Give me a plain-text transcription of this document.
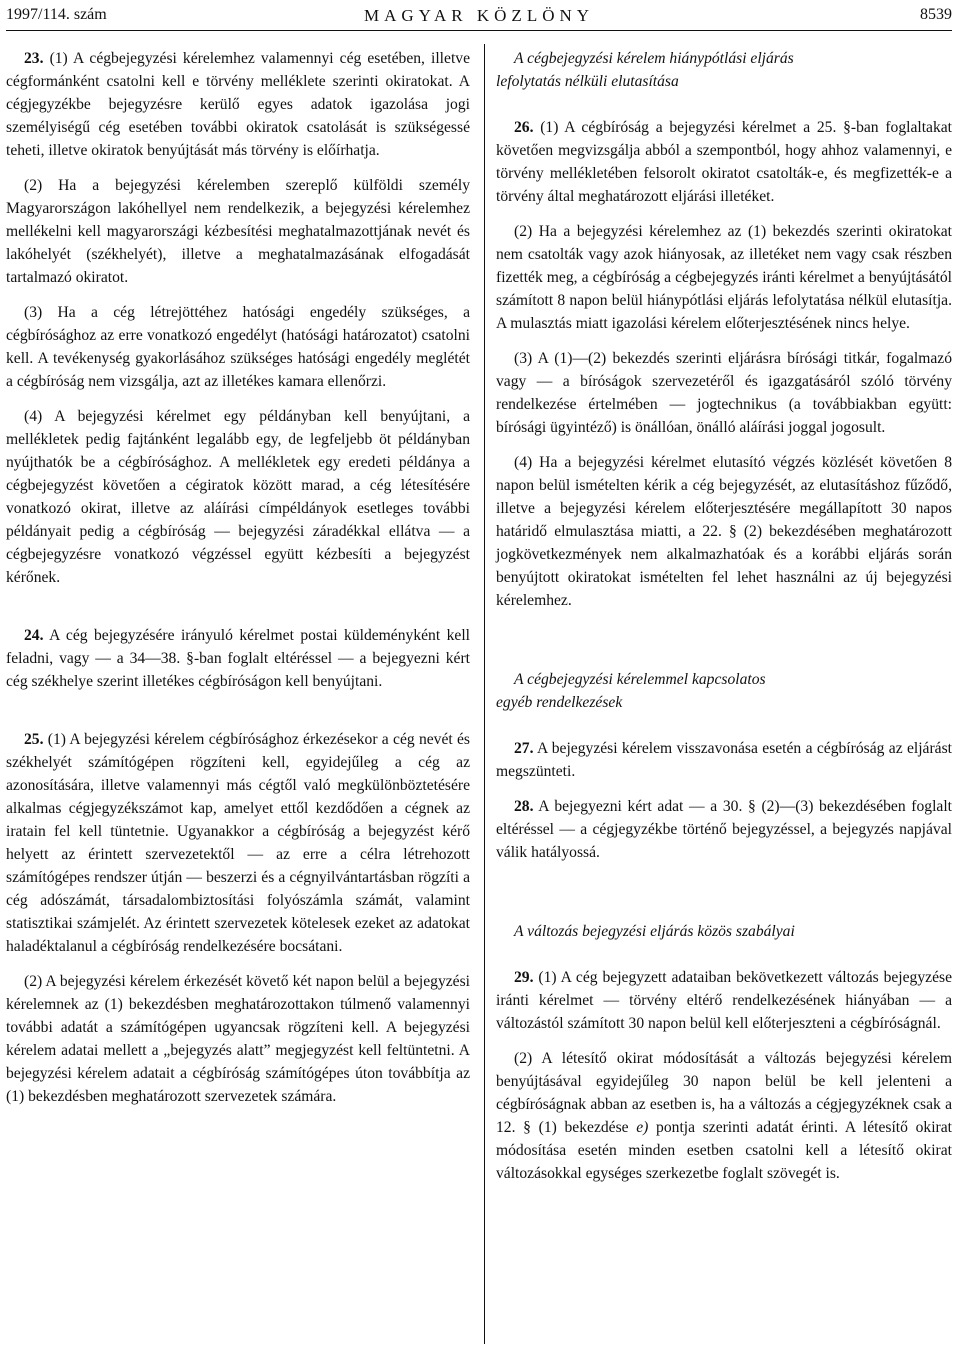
1997/114. szám	MAGYAR KÖZLÖNY	8539

23. (1) A cégbejegyzési kérelemhez valamennyi cég esetében, illetve cégformánként csatolni kell e törvény melléklete szerinti okiratokat. A cégjegyzékbe bejegyzésre kerülő egyes adatok igazolása jogi személyiségű cég esetében további okiratok csatolását is szükségessé teheti, illetve okiratok benyújtását más törvény is előírhatja.

(2) Ha a bejegyzési kérelemben szereplő külföldi személy Magyarországon lakóhellyel nem rendelkezik, a bejegyzési kérelemhez mellékelni kell magyarországi kézbesítési meghatalmazottjának nevét és lakóhelyét (székhelyét), illetve a meghatalmazásának elfogadását tartalmazó okiratot.

(3) Ha a cég létrejöttéhez hatósági engedély szükséges, a cégbírósághoz az erre vonatkozó engedélyt (hatósági határozatot) csatolni kell. A tevékenység gyakorlásához szükséges hatósági engedély meglétét a cégbíróság nem vizsgálja, azt az illetékes kamara ellenőrzi.

(4) A bejegyzési kérelmet egy példányban kell benyújtani, a mellékletek pedig fajtánként legalább egy, de legfeljebb öt példányban nyújthatók be a cégbírósághoz. A mellékletek egy eredeti példánya a cégbejegyzést követően a cégiratok között marad, a cég létesítésére vonatkozó okirat, illetve az aláírási címpéldányok esetleges további példányait pedig a cégbíróság — bejegyzési záradékkal ellátva — a cégbejegyzésre vonatkozó végzéssel együtt kézbesíti a bejegyzést kérőnek.

24. A cég bejegyzésére irányuló kérelmet postai küldeményként kell feladni, vagy — a 34—38. §-ban foglalt eltéréssel — a bejegyezni kért cég székhelye szerint illetékes cégbíróságon kell benyújtani.

25. (1) A bejegyzési kérelem cégbírósághoz érkezésekor a cég nevét és székhelyét számítógépen rögzíteni kell, egyidejűleg a cég az azonosítására, illetve valamennyi más cégtől való megkülönböztetésére alkalmas cégjegyzékszámot kap, amelyet ettől kezdődően a cégnek az iratain fel kell tüntetnie. Ugyanakkor a cégbíróság a bejegyzést kérő helyett az érintett szervezetektől — az erre a célra létrehozott számítógépes rendszer útján — beszerzi és a cégnyilvántartásban rögzíti a cég adószámát, társadalombiztosítási folyószámla számát, valamint statisztikai számjelét. Az érintett szervezetek kötelesek ezeket az adatokat haladéktalanul a cégbíróság rendelkezésére bocsátani.

(2) A bejegyzési kérelem érkezését követő két napon belül a bejegyzési kérelemnek az (1) bekezdésben meghatározottakon túlmenő valamennyi további adatát a számítógépen ugyancsak rögzíteni kell. A bejegyzési kérelem adatai mellett a „bejegyzés alatt” megjegyzést kell feltüntetni. A bejegyzési kérelem adatait a cégbíróság számítógépes úton továbbítja az (1) bekezdésben meghatározott szervezetek számára.

A cégbejegyzési kérelem hiánypótlási eljárás
lefolytatás nélküli elutasítása

26. (1) A cégbíróság a bejegyzési kérelmet a 25. §-ban foglaltakat követően megvizsgálja abból a szempontból, hogy ahhoz valamennyi, e törvény mellékletében felsorolt okiratot csatolták-e, és megfizették-e a törvény által meghatározott eljárási illetéket.

(2) Ha a bejegyzési kérelemhez az (1) bekezdés szerinti okiratokat nem csatolták vagy azok hiányosak, az illetéket nem vagy csak részben fizették meg, a cégbíróság a cégbejegyzés iránti kérelmet a benyújtásától számított 8 napon belül hiánypótlási eljárás lefolytatása nélkül elutasítja. A mulasztás miatt igazolási kérelem előterjesztésének nincs helye.

(3) A (1)—(2) bekezdés szerinti eljárásra bírósági titkár, fogalmazó vagy — a bíróságok szervezetéről és igazgatásáról szóló törvény rendelkezése értelmében — jogtechnikus (a továbbiakban együtt: bírósági ügyintéző) is önállóan, önálló aláírási joggal jogosult.

(4) Ha a bejegyzési kérelmet elutasító végzés közlését követően 8 napon belül ismételten kérik a cég bejegyzését, az elutasításhoz fűződő, illetve a bejegyzési kérelem előterjesztésére megállapított 30 napos határidő elmulasztása miatti, a 22. § (2) bekezdésében meghatározott jogkövetkezmények nem alkalmazhatóak és a korábbi eljárás során benyújtott okiratokat ismételten fel lehet használni az új bejegyzési kérelemhez.

A cégbejegyzési kérelemmel kapcsolatos
egyéb rendelkezések

27. A bejegyzési kérelem visszavonása esetén a cégbíróság az eljárást megszünteti.

28. A bejegyezni kért adat — a 30. § (2)—(3) bekezdésében foglalt eltéréssel — a cégjegyzékbe történő bejegyzéssel, a bejegyzés napjával válik hatályossá.

A változás bejegyzési eljárás közös szabályai

29. (1) A cég bejegyzett adataiban bekövetkezett változás bejegyzése iránti kérelmet — törvény eltérő rendelkezésének hiányában — a változástól számított 30 napon belül kell előterjeszteni a cégbíróságnál.

(2) A létesítő okirat módosítását a változás bejegyzési kérelem benyújtásával egyidejűleg 30 napon belül be kell jelenteni a cégbíróságnak abban az esetben is, ha a változás a cégjegyzéknek csak a 12. § (1) bekezdése e) pontja szerinti adatát érinti. A létesítő okirat módosítása esetén minden esetben csatolni kell a létesítő okirat változásokkal egységes szerkezetbe foglalt szövegét is.
